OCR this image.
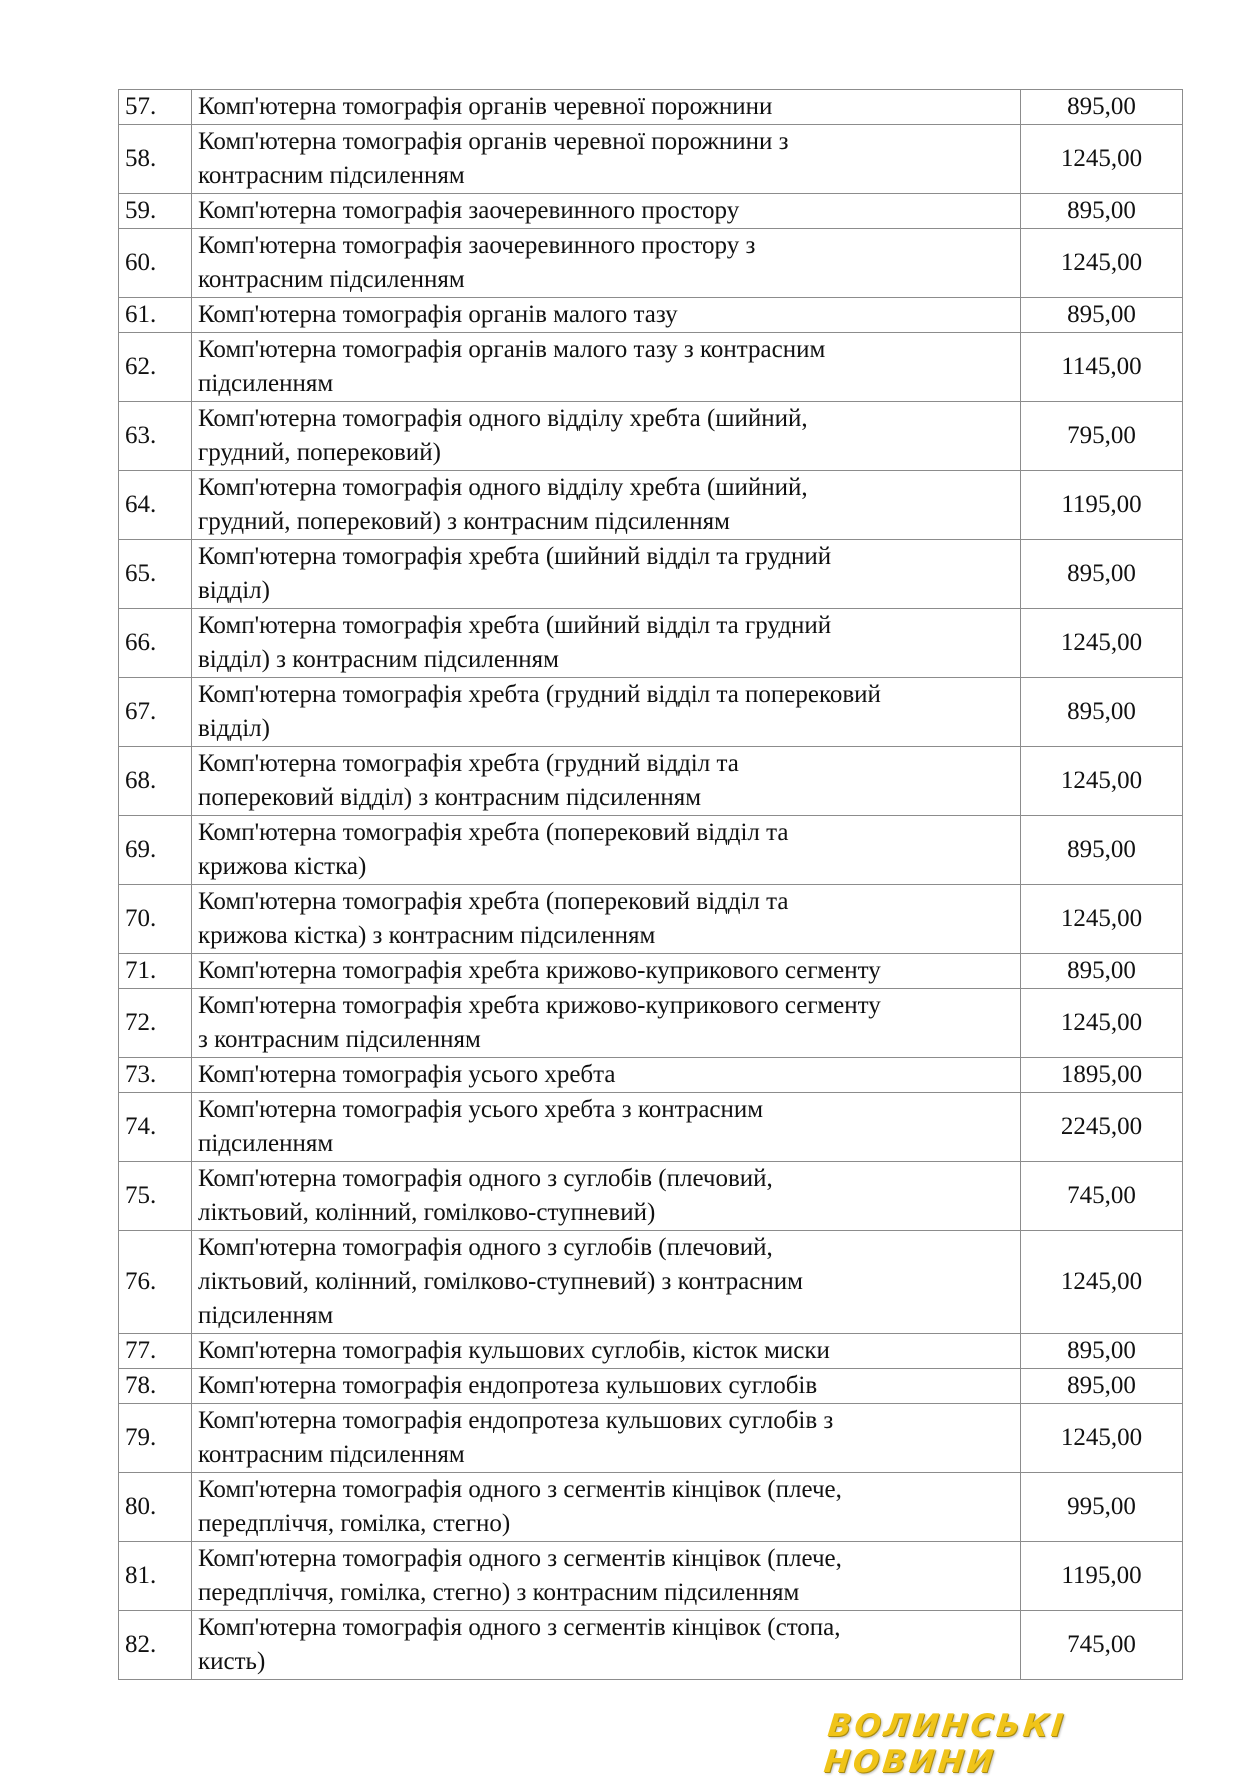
57.	Комп'ютерна томографія органів черевної порожнини	895,00
58.	Комп'ютерна томографія органів черевної порожнини з
контрасним підсиленням	1245,00
59.	Комп'ютерна томографія заочеревинного простору	895,00
60.	Комп'ютерна томографія заочеревинного простору з
контрасним підсиленням	1245,00
61.	Комп'ютерна томографія органів малого тазу	895,00
62.	Комп'ютерна томографія органів малого тазу з контрасним
підсиленням	1145,00
63.	Комп'ютерна томографія одного відділу хребта (шийний,
грудний, поперековий)	795,00
64.	Комп'ютерна томографія одного відділу хребта (шийний,
грудний, поперековий) з контрасним підсиленням	1195,00
65.	Комп'ютерна томографія хребта (шийний відділ та грудний
відділ)	895,00
66.	Комп'ютерна томографія хребта (шийний відділ та грудний
відділ) з контрасним підсиленням	1245,00
67.	Комп'ютерна томографія хребта (грудний відділ та поперековий
відділ)	895,00
68.	Комп'ютерна томографія хребта (грудний відділ та
поперековий відділ) з контрасним підсиленням	1245,00
69.	Комп'ютерна томографія хребта (поперековий відділ та
крижова кістка)	895,00
70.	Комп'ютерна томографія хребта (поперековий відділ та
крижова кістка) з контрасним підсиленням	1245,00
71.	Комп'ютерна томографія хребта крижово-куприкового сегменту	895,00
72.	Комп'ютерна томографія хребта крижово-куприкового сегменту
з контрасним підсиленням	1245,00
73.	Комп'ютерна томографія усього хребта	1895,00
74.	Комп'ютерна томографія усього хребта з контрасним
підсиленням	2245,00
75.	Комп'ютерна томографія одного з суглобів (плечовий,
ліктьовий, колінний, гомілково-ступневий)	745,00
76.	Комп'ютерна томографія одного з суглобів (плечовий,
ліктьовий, колінний, гомілково-ступневий) з контрасним
підсиленням	1245,00
77.	Комп'ютерна томографія кульшових суглобів, кісток миски	895,00
78.	Комп'ютерна томографія ендопротеза кульшових суглобів	895,00
79.	Комп'ютерна томографія ендопротеза кульшових суглобів з
контрасним підсиленням	1245,00
80.	Комп'ютерна томографія одного з сегментів кінцівок (плече,
передпліччя, гомілка, стегно)	995,00
81.	Комп'ютерна томографія одного з сегментів кінцівок (плече,
передпліччя, гомілка, стегно) з контрасним підсиленням	1195,00
82.	Комп'ютерна томографія одного з сегментів кінцівок (стопа,
кисть)	745,00
ВОЛИНСЬКІ НОВИНИ
